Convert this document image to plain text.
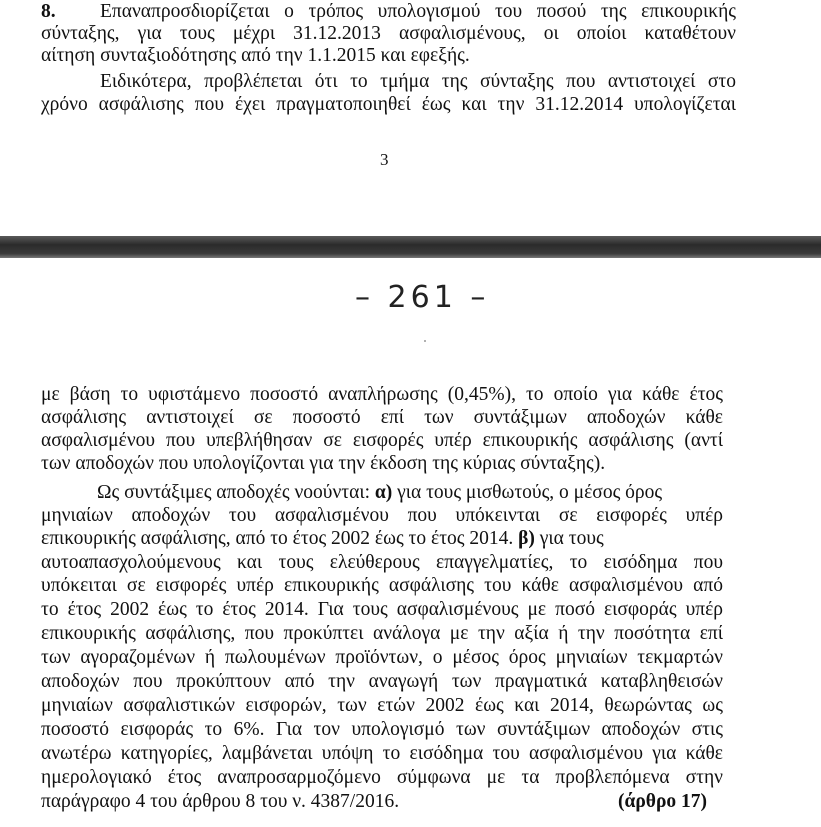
8. Επαναπροσδιορίζεται ο τρόπος υπολογισμού του ποσού της επικουρικής
σύνταξης, για τους μέχρι 31.12.2013 ασφαλισμένους, οι οποίοι καταθέτουν
αίτηση συνταξιοδότησης από την 1.1.2015 και εφεξής.
Ειδικότερα, προβλέπεται ότι το τμήμα της σύνταξης που αντιστοιχεί στο
χρόνο ασφάλισης που έχει πραγματοποιηθεί έως και την 31.12.2014 υπολογίζεται
3
– 261 –
με βάση το υφιστάμενο ποσοστό αναπλήρωσης (0,45%), το οποίο για κάθε έτος
ασφάλισης αντιστοιχεί σε ποσοστό επί των συντάξιμων αποδοχών κάθε
ασφαλισμένου που υπεβλήθησαν σε εισφορές υπέρ επικουρικής ασφάλισης (αντί
των αποδοχών που υπολογίζονται για την έκδοση της κύριας σύνταξης).
Ως συντάξιμες αποδοχές νοούνται: α) για τους μισθωτούς, ο μέσος όρος
μηνιαίων αποδοχών του ασφαλισμένου που υπόκεινται σε εισφορές υπέρ
επικουρικής ασφάλισης, από το έτος 2002 έως το έτος 2014. β) για τους
αυτοαπασχολούμενους και τους ελεύθερους επαγγελματίες, το εισόδημα που
υπόκειται σε εισφορές υπέρ επικουρικής ασφάλισης του κάθε ασφαλισμένου από
το έτος 2002 έως το έτος 2014. Για τους ασφαλισμένους με ποσό εισφοράς υπέρ
επικουρικής ασφάλισης, που προκύπτει ανάλογα με την αξία ή την ποσότητα επί
των αγοραζομένων ή πωλουμένων προϊόντων, ο μέσος όρος μηνιαίων τεκμαρτών
αποδοχών που προκύπτουν από την αναγωγή των πραγματικά καταβληθεισών
μηνιαίων ασφαλιστικών εισφορών, των ετών 2002 έως και 2014, θεωρώντας ως
ποσοστό εισφοράς το 6%. Για τον υπολογισμό των συντάξιμων αποδοχών στις
ανωτέρω κατηγορίες, λαμβάνεται υπόψη το εισόδημα του ασφαλισμένου για κάθε
ημερολογιακό έτος αναπροσαρμοζόμενο σύμφωνα με τα προβλεπόμενα στην
παράγραφο 4 του άρθρου 8 του ν. 4387/2016.	(άρθρο 17)
